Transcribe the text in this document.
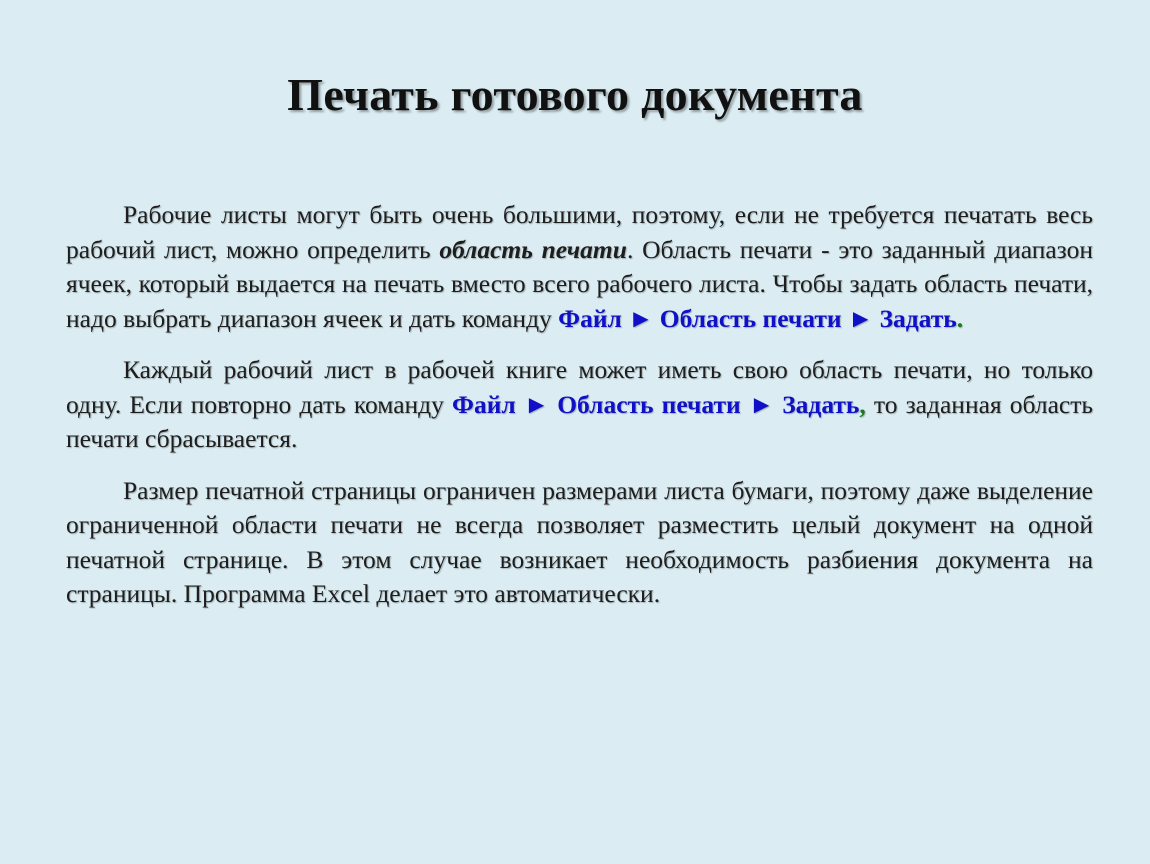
Печать готового документа

Рабочие листы могут быть очень большими, поэтому, если не требуется печатать весь рабочий лист, можно определить область печати. Область печати - это заданный диапазон ячеек, который выдается на печать вместо всего рабочего листа. Чтобы задать область печати, надо выбрать диапазон ячеек и дать команду Файл ► Область печати ► Задать.

Каждый рабочий лист в рабочей книге может иметь свою область печати, но только одну. Если повторно дать команду Файл ► Область печати ► Задать, то заданная область печати сбрасывается.

Размер печатной страницы ограничен размерами листа бумаги, поэтому даже выделение ограниченной области печати не всегда позволяет разместить целый документ на одной печатной странице. В этом случае возникает необходимость разбиения документа на страницы. Программа Excel делает это автоматически.
